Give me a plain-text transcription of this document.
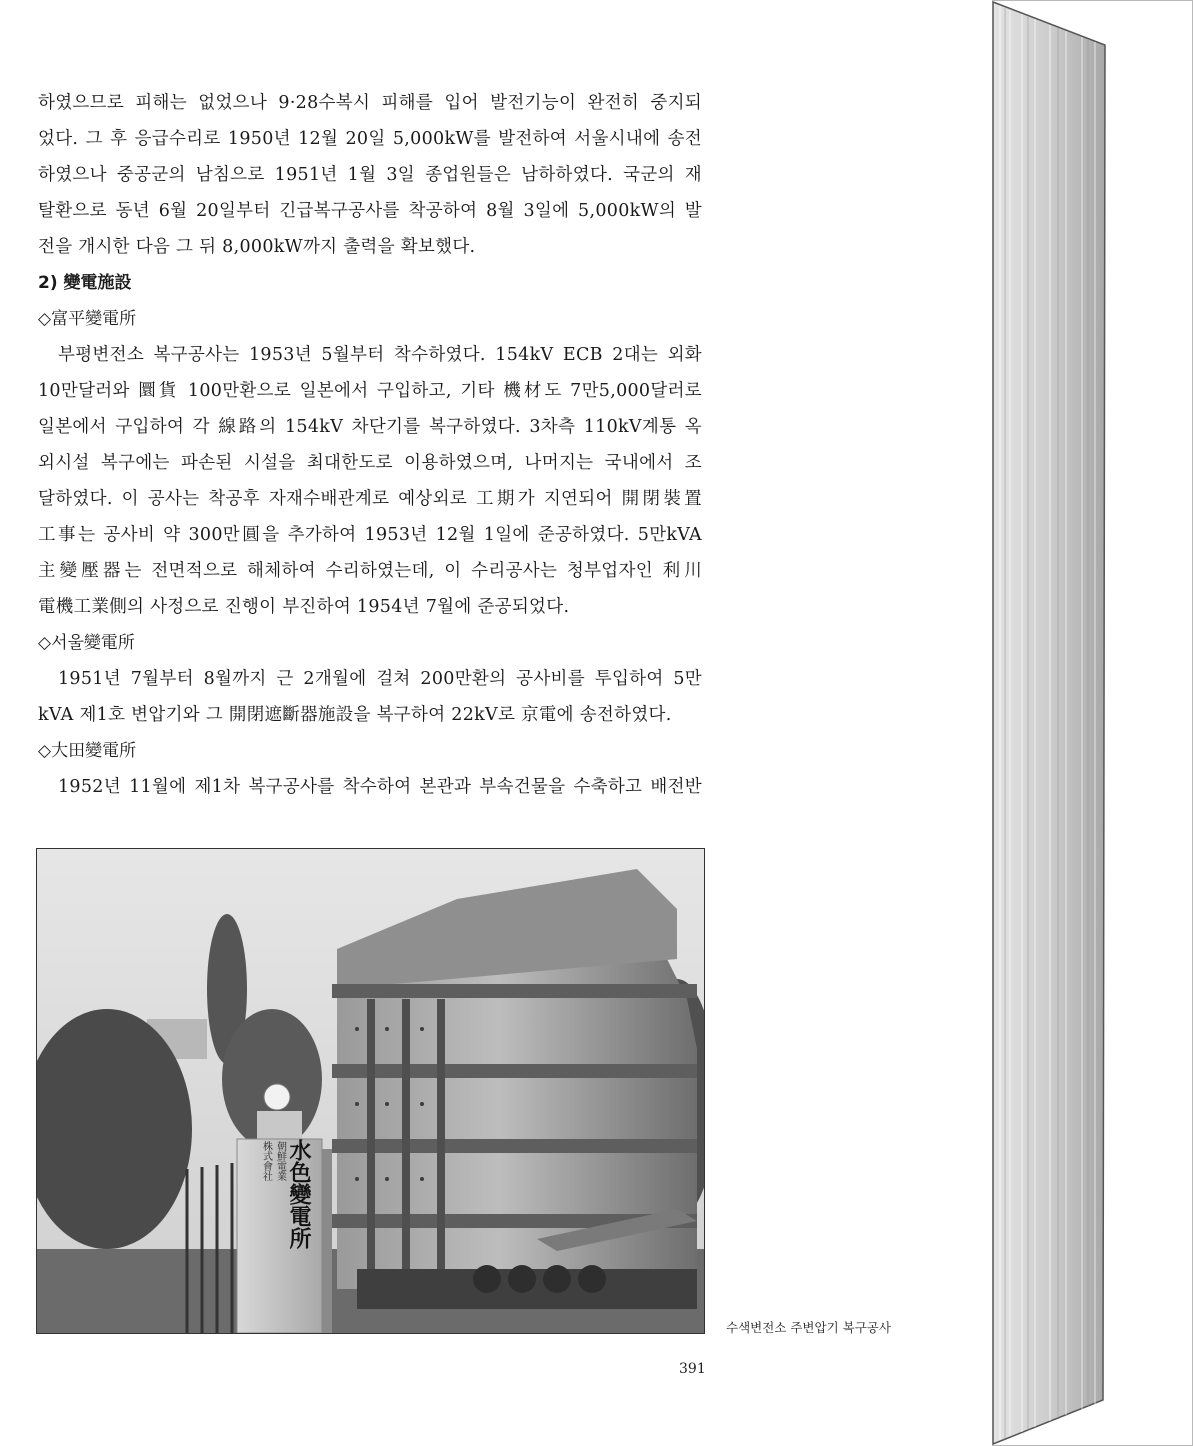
하였으므로 피해는 없었으나 9·28수복시 피해를 입어 발전기능이 완전히 중지되
었다. 그 후 응급수리로 1950년 12월 20일 5,000kW를 발전하여 서울시내에 송전
하였으나 중공군의 남침으로 1951년 1월 3일 종업원들은 남하하였다. 국군의 재
탈환으로 동년 6월 20일부터 긴급복구공사를 착공하여 8월 3일에 5,000kW의 발
전을 개시한 다음 그 뒤 8,000kW까지 출력을 확보했다.
2) 變電施設
◇富平變電所
부평변전소 복구공사는 1953년 5월부터 착수하였다. 154kV ECB 2대는 외화
10만달러와 圜貨 100만환으로 일본에서 구입하고, 기타 機材도 7만5,000달러로
일본에서 구입하여 각 線路의 154kV 차단기를 복구하였다. 3차측 110kV계통 옥
외시설 복구에는 파손된 시설을 최대한도로 이용하였으며, 나머지는 국내에서 조
달하였다. 이 공사는 착공후 자재수배관계로 예상외로 工期가 지연되어 開閉裝置
工事는 공사비 약 300만圓을 추가하여 1953년 12월 1일에 준공하였다. 5만kVA
主變壓器는 전면적으로 해체하여 수리하였는데, 이 수리공사는 청부업자인 利川
電機工業側의 사정으로 진행이 부진하여 1954년 7월에 준공되었다.
◇서울變電所
1951년 7월부터 8월까지 근 2개월에 걸쳐 200만환의 공사비를 투입하여 5만
kVA 제1호 변압기와 그 開閉遮斷器施設을 복구하여 22kV로 京電에 송전하였다.
◇大田變電所
1952년 11월에 제1차 복구공사를 착수하여 본관과 부속건물을 수축하고 배전반
朝鮮電業
株式會社 水色變電所
수색변전소 주변압기 복구공사
391
